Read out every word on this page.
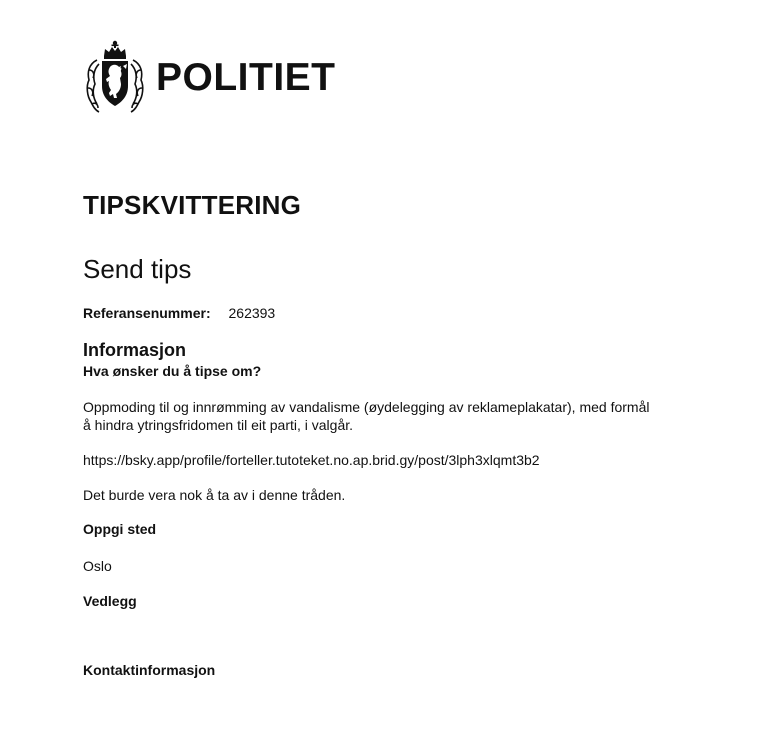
POLITIET
TIPSKVITTERING
Send tips
Referansenummer: 262393
Informasjon

Hva ønsker du å tipse om?

Oppmoding til og innrømming av vandalisme (øydelegging av reklameplakatar), med formål

å hindra ytringsfridomen til eit parti, i valgår.

https://bsky.app/profile/forteller.tutoteket.no.ap.brid.gy/post/3lph3xlqmt3b2

Det burde vera nok å ta av i denne tråden.

Oppgi sted

Oslo

Vedlegg

Kontaktinformasjon
